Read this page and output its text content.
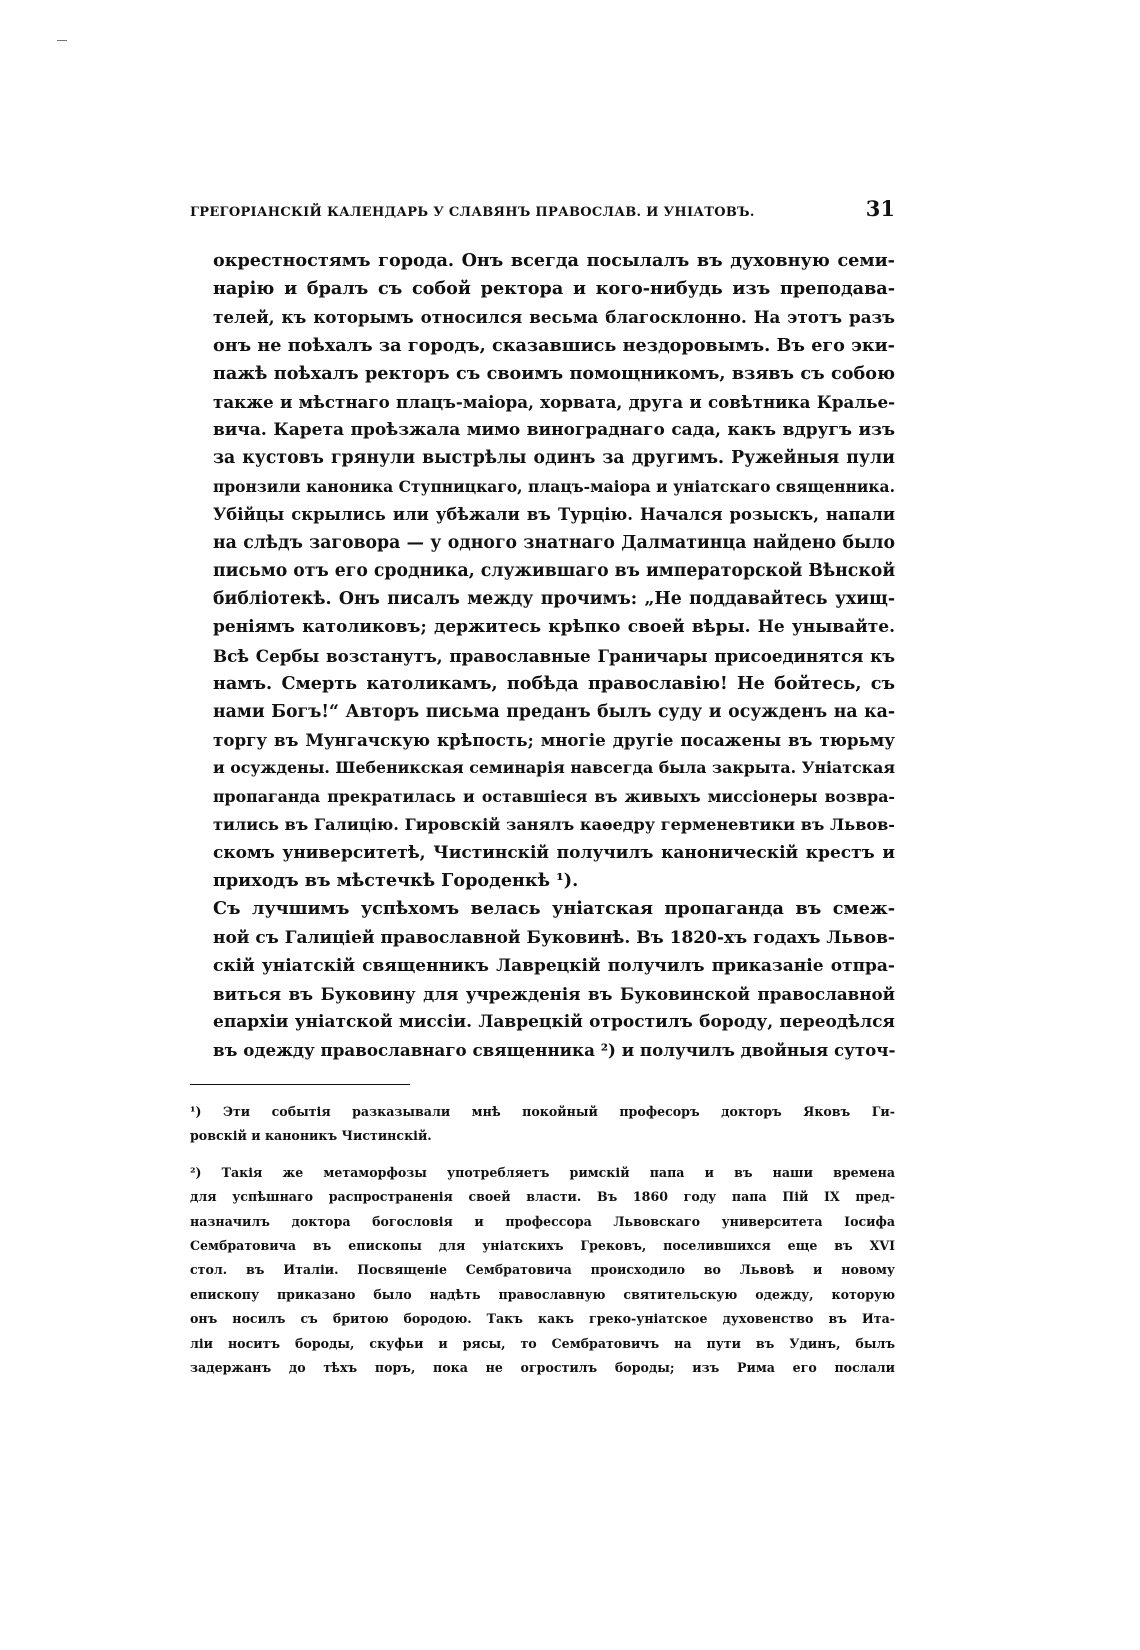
ГРЕГОРІАНСКІЙ КАЛЕНДАРЬ У СЛАВЯНЪ ПРАВОСЛАВ. И УНІАТОВЪ.	31
окрестностямъ города. Онъ всегда посылалъ въ духовную семи-
нарію и бралъ съ собой ректора и кого-нибудь изъ преподава-
телей, къ которымъ относился весьма благосклонно. На этотъ разъ
онъ не поѣхалъ за городъ, сказавшись нездоровымъ. Въ его эки-
пажѣ поѣхалъ ректоръ съ своимъ помощникомъ, взявъ съ собою
также и мѣстнаго плацъ-маіора, хорвата, друга и совѣтника Кралье-
вича. Карета проѣзжала мимо винограднаго сада, какъ вдругъ изъ
за кустовъ грянули выстрѣлы одинъ за другимъ. Ружейныя пули
пронзили каноника Ступницкаго, плацъ-маіора и уніатскаго священника.
Убійцы скрылись или убѣжали въ Турцію. Начался розыскъ, напали
на слѣдъ заговора — у одного знатнаго Далматинца найдено было
письмо отъ его сродника, служившаго въ императорской Вѣнской
библіотекѣ. Онъ писалъ между прочимъ: „Не поддавайтесь ухищ-
реніямъ католиковъ; держитесь крѣпко своей вѣры. Не унывайте.
Всѣ Сербы возстанутъ, православные Граничары присоединятся къ
намъ. Смерть католикамъ, побѣда православію! Не бойтесь, съ
нами Богъ!“ Авторъ письма преданъ былъ суду и осужденъ на ка-
торгу въ Мунгачскую крѣпость; многіе другіе посажены въ тюрьму
и осуждены. Шебеникская семинарія навсегда была закрыта. Уніатская
пропаганда прекратилась и оставшіеся въ живыхъ миссіонеры возвра-
тились въ Галицію. Гировскій занялъ каѳедру герменевтики въ Львов-
скомъ университетѣ, Чистинскій получилъ каноническій крестъ и
приходъ въ мѣстечкѣ Городенкѣ ¹).
Съ лучшимъ успѣхомъ велась уніатская пропаганда въ смеж-
ной съ Галиціей православной Буковинѣ. Въ 1820-хъ годахъ Львов-
скій уніатскій священникъ Лаврецкій получилъ приказаніе отпра-
виться въ Буковину для учрежденія въ Буковинской православной
епархіи уніатской миссіи. Лаврецкій отростилъ бороду, переодѣлся
въ одежду православнаго священника ²) и получилъ двойныя суточ-
¹) Эти событія разказывали мнѣ покойный професоръ докторъ Яковъ Ги-
ровскій и каноникъ Чистинскій.
²) Такія же метаморфозы употребляетъ римскій папа и въ наши времена
для успѣшнаго распространенія своей власти. Въ 1860 году папа Пій IX пред-
назначилъ доктора богословія и профессора Львовскаго университета Іосифа
Сембратовича въ епископы для уніатскихъ Грековъ, поселившихся еще въ XVI
стол. въ Италіи. Посвященіе Сембратовича происходило во Львовѣ и новому
епископу приказано было надѣть православную святительскую одежду, которую
онъ носилъ съ бритою бородою. Такъ какъ греко-уніатское духовенство въ Ита-
ліи носитъ бороды, скуфьи и рясы, то Сембратовичъ на пути въ Удинъ, былъ
задержанъ до тѣхъ поръ, пока не огростилъ бороды; изъ Рима его послали
